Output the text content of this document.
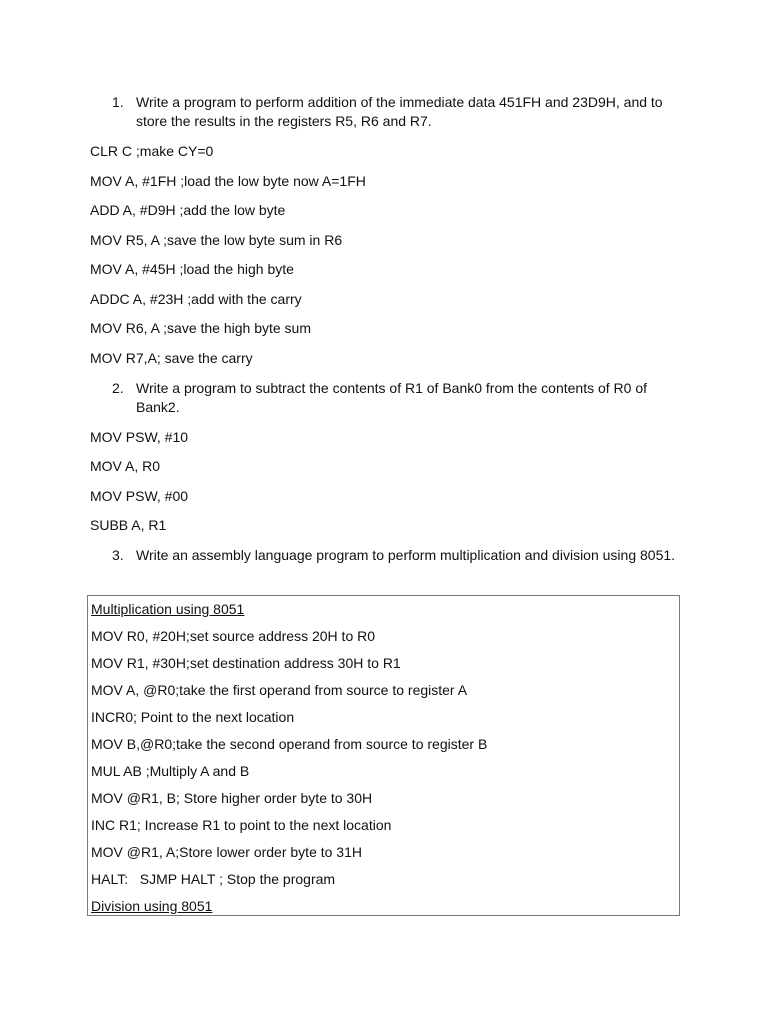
1. Write a program to perform addition of the immediate data 451FH and 23D9H, and to store the results in the registers R5, R6 and R7.
CLR C ;make CY=0
MOV A, #1FH ;load the low byte now A=1FH
ADD A, #D9H ;add the low byte
MOV R5, A ;save the low byte sum in R6
MOV A, #45H ;load the high byte
ADDC A, #23H ;add with the carry
MOV R6, A ;save the high byte sum
MOV R7,A; save the carry
2. Write a program to subtract the contents of R1 of Bank0 from the contents of R0 of Bank2.
MOV PSW, #10
MOV A, R0
MOV PSW, #00
SUBB A, R1
3. Write an assembly language program to perform multiplication and division using 8051.
Multiplication using 8051
MOV R0, #20H;set source address 20H to R0
MOV R1, #30H;set destination address 30H to R1
MOV A, @R0;take the first operand from source to register A
INCR0; Point to the next location
MOV B,@R0;take the second operand from source to register B
MUL AB ;Multiply A and B
MOV @R1, B; Store higher order byte to 30H
INC R1; Increase R1 to point to the next location
MOV @R1, A;Store lower order byte to 31H
HALT:   SJMP HALT ; Stop the program
Division using 8051
